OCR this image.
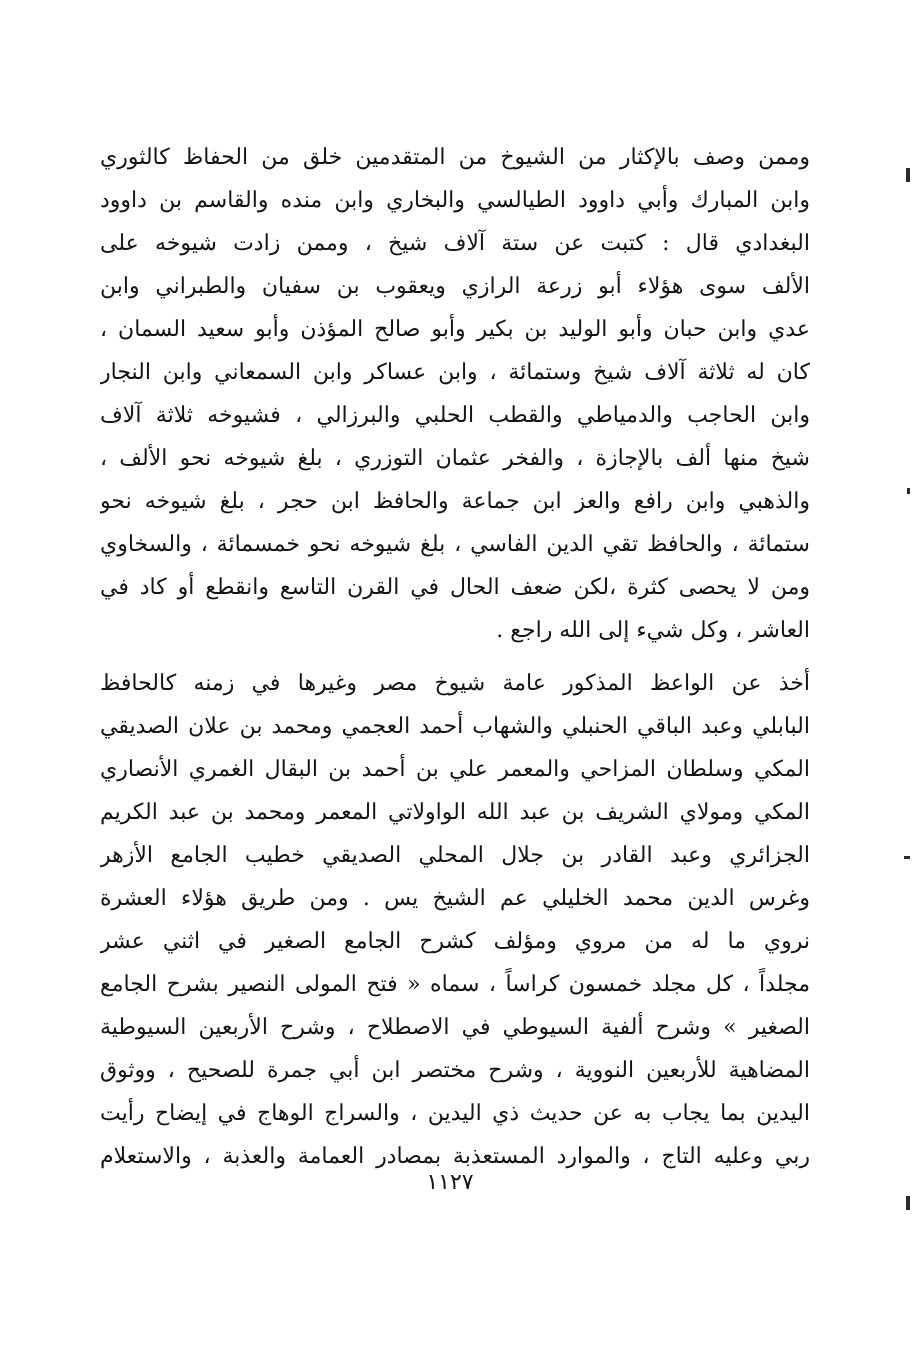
وممن وصف بالإكثار من الشيوخ من المتقدمين خلق من الحفاظ كالثوري
وابن المبارك وأبي داوود الطيالسي والبخاري وابن منده والقاسم بن داوود
البغدادي قال : كتبت عن ستة آلاف شيخ ، وممن زادت شيوخه على
الألف سوى هؤلاء أبو زرعة الرازي ويعقوب بن سفيان والطبراني وابن
عدي وابن حبان وأبو الوليد بن بكير وأبو صالح المؤذن وأبو سعيد السمان ،
كان له ثلاثة آلاف شيخ وستمائة ، وابن عساكر وابن السمعاني وابن النجار
وابن الحاجب والدمياطي والقطب الحلبي والبرزالي ، فشيوخه ثلاثة آلاف
شيخ منها ألف بالإجازة ، والفخر عثمان التوزري ، بلغ شيوخه نحو الألف ،
والذهبي وابن رافع والعز ابن جماعة والحافظ ابن حجر ، بلغ شيوخه نحو
ستمائة ، والحافظ تقي الدين الفاسي ، بلغ شيوخه نحو خمسمائة ، والسخاوي
ومن لا يحصى كثرة ،لكن ضعف الحال في القرن التاسع وانقطع أو كاد في
العاشر ، وكل شيء إلى الله راجع .
أخذ عن الواعظ المذكور عامة شيوخ مصر وغيرها في زمنه كالحافظ
البابلي وعبد الباقي الحنبلي والشهاب أحمد العجمي ومحمد بن علان الصديقي
المكي وسلطان المزاحي والمعمر علي بن أحمد بن البقال الغمري الأنصاري
المكي ومولاي الشريف بن عبد الله الواولاتي المعمر ومحمد بن عبد الكريم
الجزائري وعبد القادر بن جلال المحلي الصديقي خطيب الجامع الأزهر
وغرس الدين محمد الخليلي عم الشيخ يس . ومن طريق هؤلاء العشرة
نروي ما له من مروي ومؤلف كشرح الجامع الصغير في اثني عشر
مجلداً ، كل مجلد خمسون كراساً ، سماه « فتح المولى النصير بشرح الجامع
الصغير » وشرح ألفية السيوطي في الاصطلاح ، وشرح الأربعين السيوطية
المضاهية للأربعين النووية ، وشرح مختصر ابن أبي جمرة للصحيح ، ووثوق
اليدين بما يجاب به عن حديث ذي اليدين ، والسراج الوهاج في إيضاح رأيت
ربي وعليه التاج ، والموارد المستعذبة بمصادر العمامة والعذبة ، والاستعلام
١١٢٧
